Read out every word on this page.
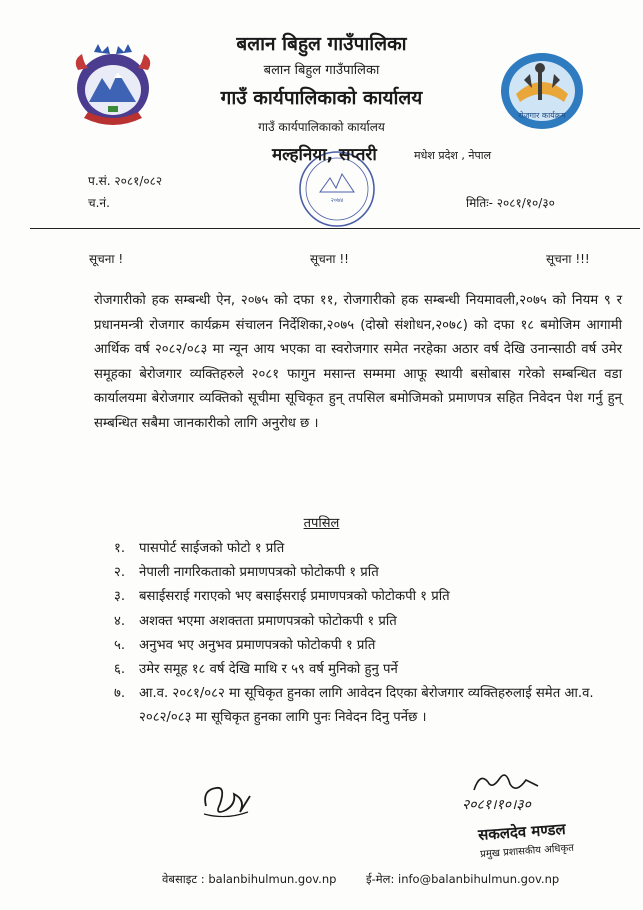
रोजगार कार्यक्रम
२०७४
बलान बिहुल गाउँपालिका
बलान बिहुल गाउँपालिका
गाउँ कार्यपालिकाको कार्यालय
गाउँ कार्यपालिकाको कार्यालय
मल्हनिया, सप्तरी	मधेश प्रदेश , नेपाल
प.सं. २०८१/०८२
च.नं.	मितिः- २०८१/१०/३०
सूचना !	सूचना !!	सूचना !!!
रोजगारीको हक सम्बन्धी ऐन, २०७५ को दफा ११, रोजगारीको हक सम्बन्धी नियमावली,२०७५ को नियम ९ र प्रधानमन्त्री रोजगार कार्यक्रम संचालन निर्देशिका,२०७५ (दोस्रो संशोधन,२०७८) को दफा १८ बमोजिम आगामी आर्थिक वर्ष २०८२/०८३ मा न्यून आय भएका वा स्वरोजगार समेत नरहेका अठार वर्ष देखि उनान्साठी वर्ष उमेर समूहका बेरोजगार व्यक्तिहरुले २०८१ फागुन मसान्त सम्ममा आफू स्थायी बसोबास गरेको सम्बन्धित वडा कार्यालयमा बेरोजगार व्यक्तिको सूचीमा सूचिकृत हुन् तपसिल बमोजिमको प्रमाणपत्र सहित निवेदन पेश गर्नु हुन् सम्बन्धित सबैमा जानकारीको लागि अनुरोध छ ।
तपसिल
१.	पासपोर्ट साईजको फोटो १ प्रति
२.	नेपाली नागरिकताको प्रमाणपत्रको फोटोकपी १ प्रति
३.	बसाईसराई गराएको भए बसाईसराई प्रमाणपत्रको फोटोकपी १ प्रति
४.	अशक्त भएमा अशक्तता प्रमाणपत्रको फोटोकपी १ प्रति
५.	अनुभव भए अनुभव प्रमाणपत्रको फोटोकपी १ प्रति
६.	उमेर समूह १८ वर्ष देखि माथि र ५९ वर्ष मुनिको हुनु पर्ने
७.	आ.व. २०८१/०८२ मा सूचिकृत हुनका लागि आवेदन दिएका बेरोजगार व्यक्तिहरुलाई समेत आ.व. २०८२/०८३ मा सूचिकृत हुनका लागि पुनः निवेदन दिनु पर्नेछ ।
२०८१।१०।३०
सकलदेव मण्डल
प्रमुख प्रशासकीय अधिकृत
वेबसाइट : balanbihulmun.gov.np	ई-मेल: info@balanbihulmun.gov.np
